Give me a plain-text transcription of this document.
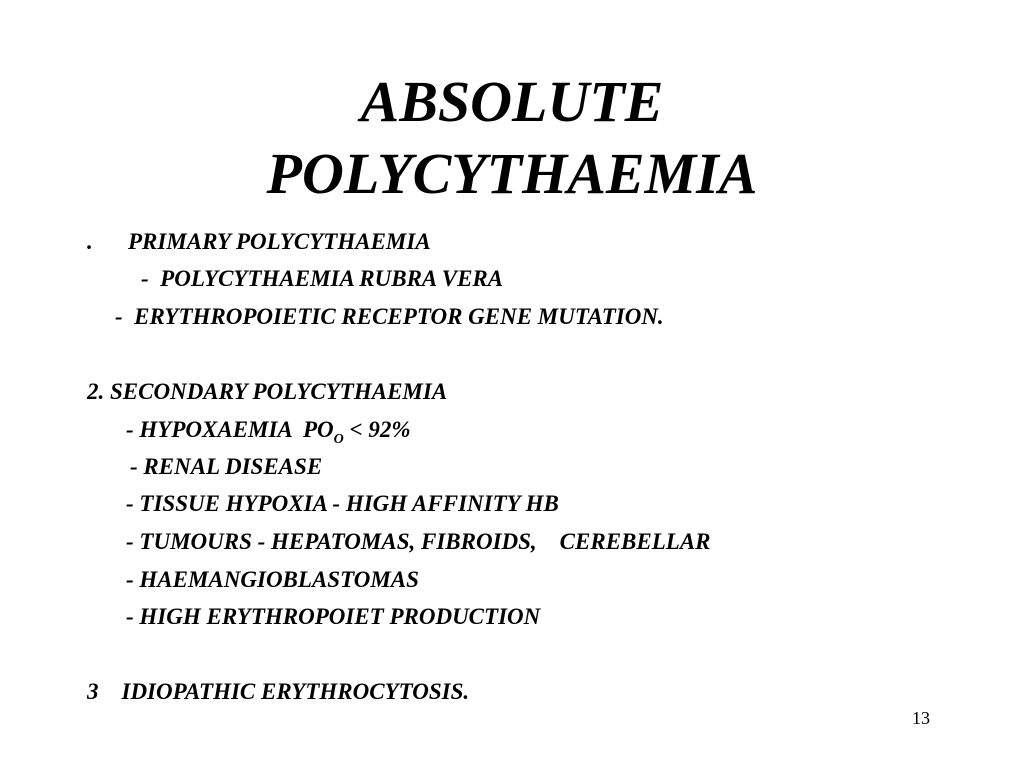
ABSOLUTE
POLYCYTHAEMIA
. PRIMARY POLYCYTHAEMIA
-  POLYCYTHAEMIA RUBRA VERA
-  ERYTHROPOIETIC RECEPTOR GENE MUTATION.
2. SECONDARY POLYCYTHAEMIA
- HYPOXAEMIA  $PO_O < 92\%$
- RENAL DISEASE
- TISSUE HYPOXIA - HIGH AFFINITY HB
- TUMOURS - HEPATOMAS, FIBROIDS,    CEREBELLAR
- HAEMANGIOBLASTOMAS
- HIGH ERYTHROPOIET PRODUCTION
3    IDIOPATHIC ERYTHROCYTOSIS.
13
